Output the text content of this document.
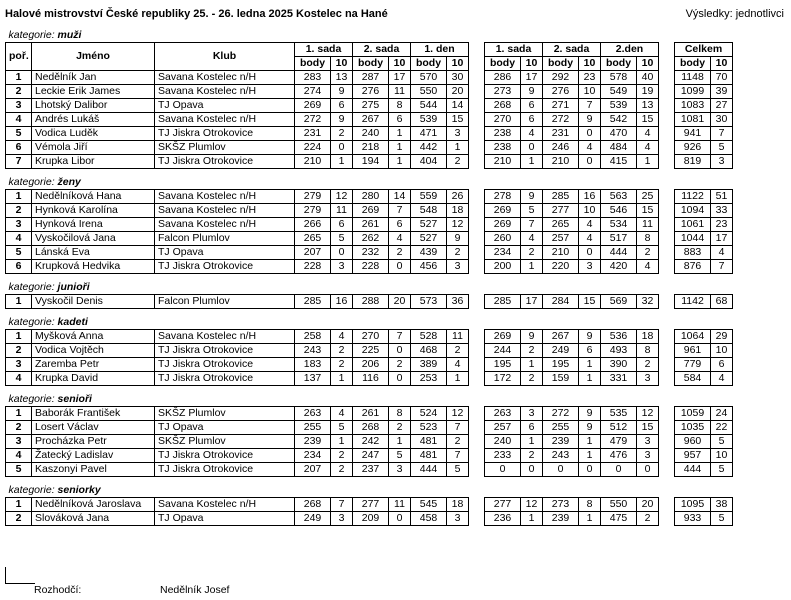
Halové mistrovství České republiky 25. - 26. ledna 2025 Kostelec na Hané	Výsledky: jednotlivci
kategorie: muži																			
poř.	Jméno	Klub	1. sada		2. sada		1. den			1. sada		2. sada		2.den			Celkem		
			body	10	body	10	body	10		body	10	body	10	body	10		body	10	
1	Nedělník Jan	Savana Kostelec n/H	283	13	287	17	570	30		286	17	292	23	578	40		1148	70	
2	Leckie Erik James	Savana Kostelec n/H	274	9	276	11	550	20		273	9	276	10	549	19		1099	39	
3	Lhotský Dalibor	TJ Opava	269	6	275	8	544	14		268	6	271	7	539	13		1083	27	
4	Andrés Lukáš	Savana Kostelec n/H	272	9	267	6	539	15		270	6	272	9	542	15		1081	30	
5	Vodica Luděk	TJ Jiskra Otrokovice	231	2	240	1	471	3		238	4	231	0	470	4		941	7	
6	Vémola Jiří	SKŠZ Plumlov	224	0	218	1	442	1		238	0	246	4	484	4		926	5	
7	Krupka Libor	TJ Jiskra Otrokovice	210	1	194	1	404	2		210	1	210	0	415	1		819	3	

kategorie: ženy																			
1	Nedělníková Hana	Savana Kostelec n/H	279	12	280	14	559	26		278	9	285	16	563	25		1122	51	
2	Hynková Karolína	Savana Kostelec n/H	279	11	269	7	548	18		269	5	277	10	546	15		1094	33	
3	Hynková Irena	Savana Kostelec n/H	266	6	261	6	527	12		269	7	265	4	534	11		1061	23	
4	Vyskočilová Jana	Falcon Plumlov	265	5	262	4	527	9		260	4	257	4	517	8		1044	17	
5	Lánská Eva	TJ Opava	207	0	232	2	439	2		234	2	210	0	444	2		883	4	
6	Krupková Hedvika	TJ Jiskra Otrokovice	228	3	228	0	456	3		200	1	220	3	420	4		876	7	

kategorie: junioři																			
1	Vyskočil Denis	Falcon Plumlov	285	16	288	20	573	36		285	17	284	15	569	32		1142	68	

kategorie: kadeti																			
1	Myšková Anna	Savana Kostelec n/H	258	4	270	7	528	11		269	9	267	9	536	18		1064	29	
2	Vodica Vojtěch	TJ Jiskra Otrokovice	243	2	225	0	468	2		244	2	249	6	493	8		961	10	
3	Zaremba Petr	TJ Jiskra Otrokovice	183	2	206	2	389	4		195	1	195	1	390	2		779	6	
4	Krupka David	TJ Jiskra Otrokovice	137	1	116	0	253	1		172	2	159	1	331	3		584	4	

kategorie: senioři																			
1	Baborák František	SKŠZ Plumlov	263	4	261	8	524	12		263	3	272	9	535	12		1059	24	
2	Losert Václav	TJ Opava	255	5	268	2	523	7		257	6	255	9	512	15		1035	22	
3	Procházka Petr	SKŠZ Plumlov	239	1	242	1	481	2		240	1	239	1	479	3		960	5	
4	Žatecký Ladislav	TJ Jiskra Otrokovice	234	2	247	5	481	7		233	2	243	1	476	3		957	10	
5	Kaszonyi Pavel	TJ Jiskra Otrokovice	207	2	237	3	444	5		0	0	0	0	0	0		444	5	

kategorie: seniorky																			
1	Nedělníková Jaroslava	Savana Kostelec n/H	268	7	277	11	545	18		277	12	273	8	550	20		1095	38	
2	Slováková Jana	TJ Opava	249	3	209	0	458	3		236	1	239	1	475	2		933	5	
Rozhodčí:	Nedělník Josef
